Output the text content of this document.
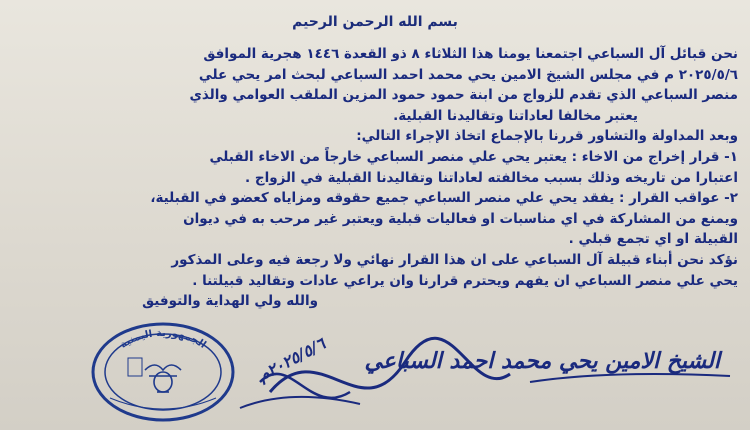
بسم الله الرحمن الرحيم

نحن قبائل آل السباعي اجتمعنا يومنا هذا الثلاثاء ٨ ذو القعدة ١٤٤٦ هجرية الموافق

٢٠٢٥/٥/٦ م في مجلس الشيخ الامين يحي محمد احمد السباعي لبحث امر يحي علي

منصر السباعي الذي تقدم للزواج من ابنة حمود حمود المزين الملقب العوامي والذي

يعتبر مخالفا لعاداتنا وتقاليدنا القبلية.

وبعد المداولة والتشاور قررنا بالإجماع اتخاذ الإجراء التالي:

١- قرار إخراج من الاخاء : يعتبر يحي علي منصر السباعي خارجاً من الاخاء القبلي

اعتبارا من تاريخه وذلك بسبب مخالفته لعاداتنا وتقاليدنا القبلية في الزواج .

٢- عواقب القرار : يفقد يحي علي منصر السباعي جميع حقوقه ومزاياه كعضو في القبلية،

ويمنع من المشاركة في اي مناسبات او فعاليات قبلية ويعتبر غير مرحب به في ديوان

القبيلة او اي تجمع قبلي .

نؤكد نحن أبناء قبيلة آل السباعي على ان هذا القرار نهائي ولا رجعة فيه وعلى المذكور

يحي علي منصر السباعي ان يفهم ويحترم قرارنا وان يراعي عادات وتقاليد قبيلتنا .

والله ولي الهداية والتوفيق

الجمهورية اليمنية
الشيخ الامين يحي محمد احمد السباعي
٢٠٢٥/٥/٦م
